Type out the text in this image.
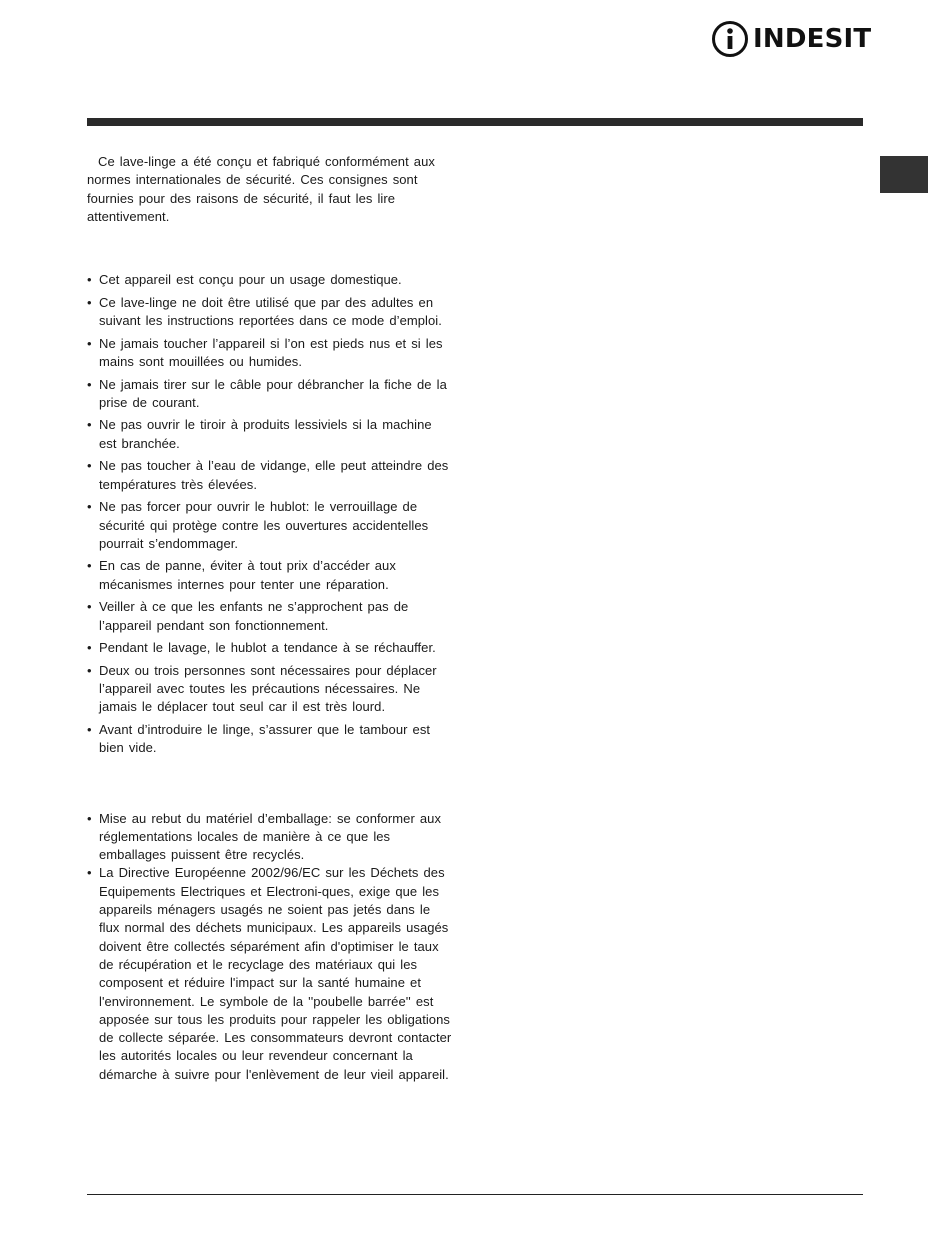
INDESIT

Ce lave-linge a été conçu et fabriqué conformément aux normes internationales de sécurité. Ces consignes sont fournies pour des raisons de sécurité, il faut les lire attentivement.

• Cet appareil est conçu pour un usage domestique.
• Ce lave-linge ne doit être utilisé que par des adultes en suivant les instructions reportées dans ce mode d’emploi.
• Ne jamais toucher l’appareil si l’on est pieds nus et si les mains sont mouillées ou humides.
• Ne jamais tirer sur le câble pour débrancher la fiche de la prise de courant.
• Ne pas ouvrir le tiroir à produits lessiviels si la machine est branchée.
• Ne pas toucher à l’eau de vidange, elle peut atteindre des températures très élevées.
• Ne pas forcer pour ouvrir le hublot: le verrouillage de sécurité qui protège contre les ouvertures accidentelles pourrait s’endommager.
• En cas de panne, éviter à tout prix d’accéder aux mécanismes internes pour tenter une réparation.
• Veiller à ce que les enfants ne s’approchent pas de l’appareil pendant son fonctionnement.
• Pendant le lavage, le hublot a tendance à se réchauffer.
• Deux ou trois personnes sont nécessaires pour déplacer l’appareil avec toutes les précautions nécessaires. Ne jamais le déplacer tout seul car il est très lourd.
• Avant d’introduire le linge, s’assurer que le tambour est bien vide.
• Mise au rebut du matériel d’emballage: se conformer aux réglementations locales de manière à ce que les emballages puissent être recyclés.
• La Directive Européenne 2002/96/EC sur les Déchets des Equipements Electriques et Electroni-ques, exige que les appareils ménagers usagés ne soient pas jetés dans le flux normal des déchets municipaux. Les appareils usagés doivent être collectés séparément afin d'optimiser le taux de récupération et le recyclage des matériaux qui les composent et réduire l'impact sur la santé humaine et l'environnement. Le symbole de la ''poubelle barrée'' est apposée sur tous les produits pour rappeler les obligations de collecte séparée. Les consommateurs devront contacter les autorités locales ou leur revendeur concernant la démarche à suivre pour l'enlèvement de leur vieil appareil.
